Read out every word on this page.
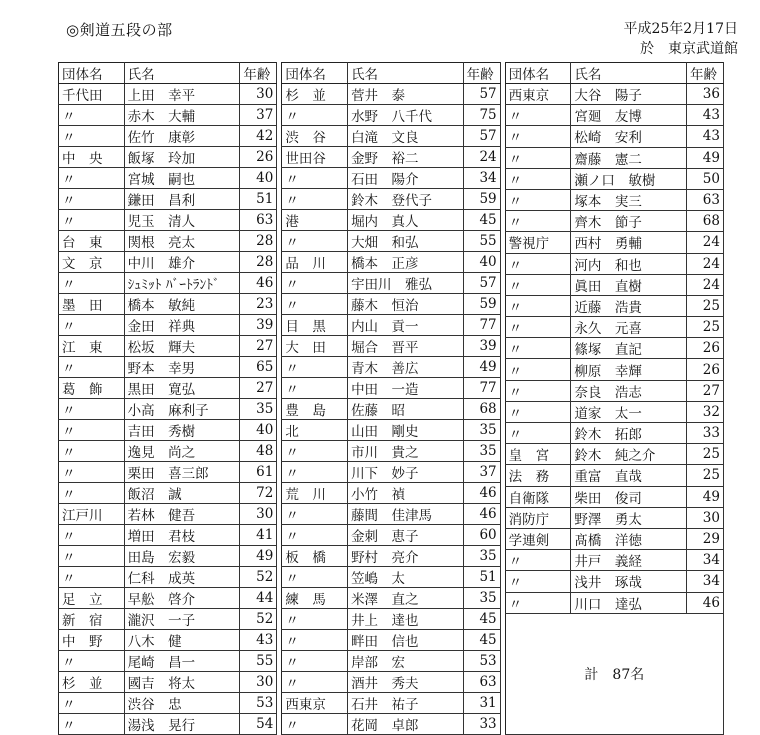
◎剣道五段の部	平成25年2月17日
於　東京武道館
団体名	氏名	年齢
千代田	上田　幸平	30
〃	赤木　大輔	37
〃	佐竹　康彰	42
中　央	飯塚　玲加	26
〃	宮城　嗣也	40
〃	鎌田　昌利	51
〃	児玉　清人	63
台　東	関根　亮太	28
文　京	中川　雄介	28
〃	ｼｭﾐｯﾄ ﾊﾞｰﾄﾗﾝﾄﾞ	46
墨　田	橋本　敏純	23
〃	金田　祥典	39
江　東	松坂　輝夫	27
〃	野本　幸男	65
葛　飾	黒田　寛弘	27
〃	小高　麻利子	35
〃	吉田　秀樹	40
〃	逸見　尚之	48
〃	栗田　喜三郎	61
〃	飯沼　誠	72
江戸川	若林　健吾	30
〃	増田　君枝	41
〃	田島　宏毅	49
〃	仁科　成英	52
足　立	早舩　啓介	44
新　宿	瀧沢　一子	52
中　野	八木　健	43
〃	尾崎　昌一	55
杉　並	國吉　将太	30
〃	渋谷　忠	53
〃	湯浅　晃行	54
団体名	氏名	年齢
杉　並	菅井　泰	57
〃	水野　八千代	75
渋　谷	白滝　文良	57
世田谷	金野　裕二	24
〃	石田　陽介	34
〃	鈴木　登代子	59
港	堀内　真人	45
〃	大畑　和弘	55
品　川	橋本　正彦	40
〃	宇田川　雅弘	57
〃	藤木　恒治	59
目　黒	内山　貢一	77
大　田	堀合　晋平	39
〃	青木　善広	49
〃	中田　一造	77
豊　島	佐藤　昭	68
北	山田　剛史	35
〃	市川　貴之	35
〃	川下　妙子	37
荒　川	小竹　禎	46
〃	藤間　佳津馬	46
〃	金刺　恵子	60
板　橋	野村　亮介	35
〃	笠嶋　太	51
練　馬	米澤　直之	35
〃	井上　達也	45
〃	畔田　信也	45
〃	岸部　宏	53
〃	酒井　秀夫	63
西東京	石井　祐子	31
〃	花岡　卓郎	33
団体名	氏名	年齢
西東京	大谷　陽子	36
〃	宮廻　友博	43
〃	松崎　安利	43
〃	齋藤　憲二	49
〃	瀬ノ口　敏樹	50
〃	塚本　実三	63
〃	齊木　節子	68
警視庁	西村　勇輔	24
〃	河内　和也	24
〃	眞田　直樹	24
〃	近藤　浩貴	25
〃	永久　元喜	25
〃	篠塚　直記	26
〃	柳原　幸輝	26
〃	奈良　浩志	27
〃	道家　太一	32
〃	鈴木　拓郎	33
皇　宮	鈴木　純之介	25
法　務	重富　直哉	25
自衛隊	柴田　俊司	49
消防庁	野澤　勇太	30
学連剣	髙橋　洋徳	29
〃	井戸　義経	34
〃	浅井　琢哉	34
〃	川口　達弘	46
計　87名		
